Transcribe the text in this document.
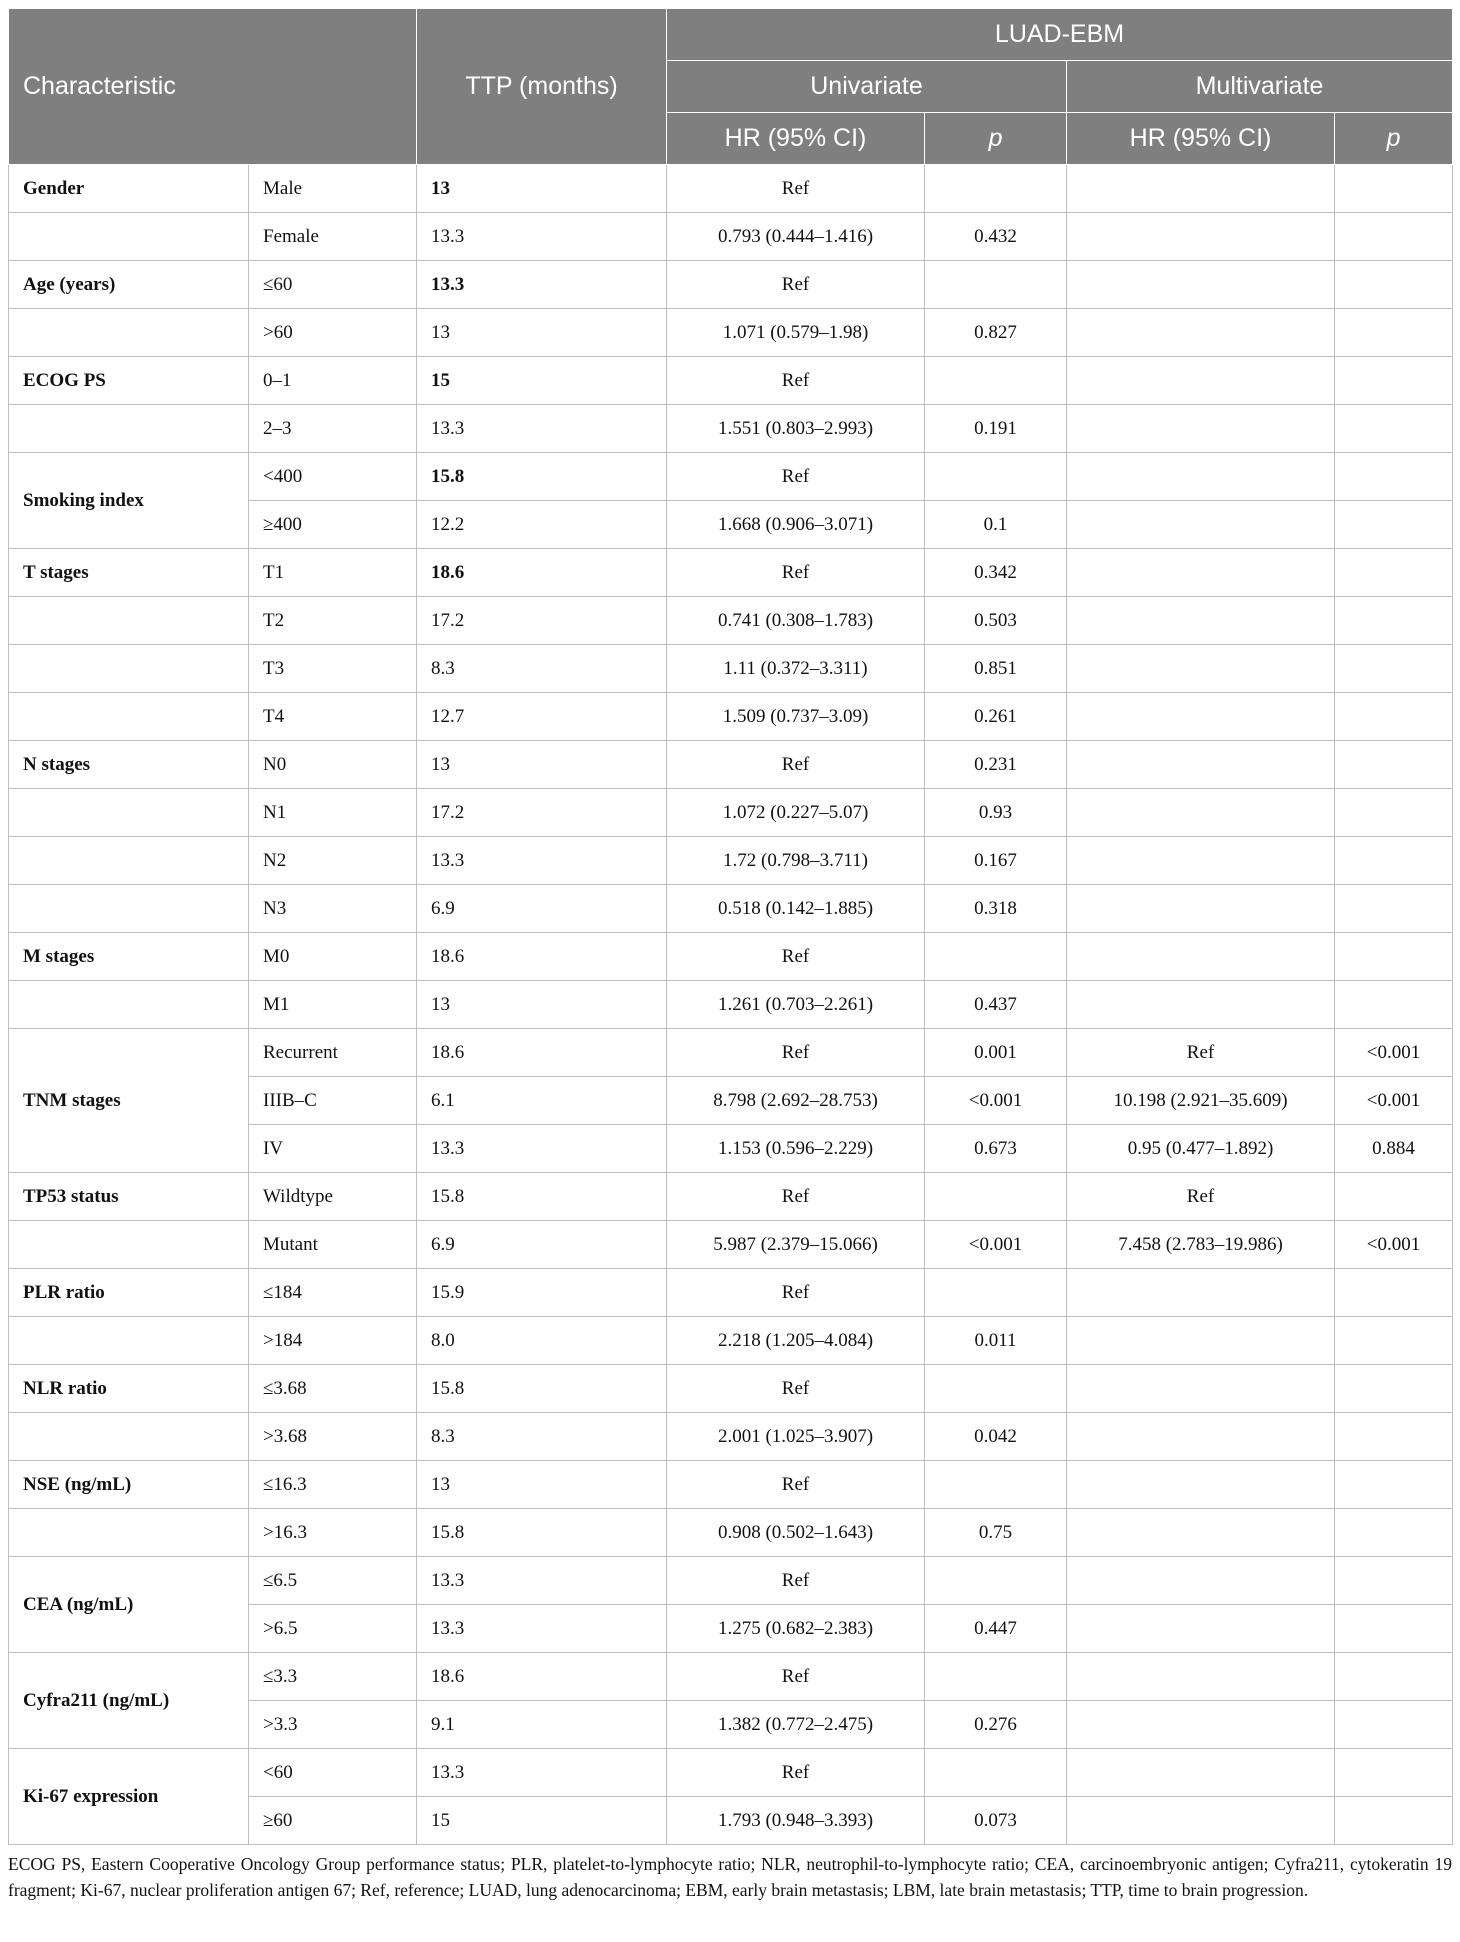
Characteristic		TTP (months)	LUAD-EBM			
			Univariate		Multivariate	
			HR (95% CI)	p	HR (95% CI)	p
Gender	Male	13	Ref			
	Female	13.3	0.793 (0.444–1.416)	0.432		
Age (years)	≤60	13.3	Ref			
	>60	13	1.071 (0.579–1.98)	0.827		
ECOG PS	0–1	15	Ref			
	2–3	13.3	1.551 (0.803–2.993)	0.191		
Smoking index	<400	15.8	Ref			
	≥400	12.2	1.668 (0.906–3.071)	0.1		
T stages	T1	18.6	Ref	0.342		
	T2	17.2	0.741 (0.308–1.783)	0.503		
	T3	8.3	1.11 (0.372–3.311)	0.851		
	T4	12.7	1.509 (0.737–3.09)	0.261		
N stages	N0	13	Ref	0.231		
	N1	17.2	1.072 (0.227–5.07)	0.93		
	N2	13.3	1.72 (0.798–3.711)	0.167		
	N3	6.9	0.518 (0.142–1.885)	0.318		
M stages	M0	18.6	Ref			
	M1	13	1.261 (0.703–2.261)	0.437		
TNM stages	Recurrent	18.6	Ref	0.001	Ref	<0.001
	IIIB–C	6.1	8.798 (2.692–28.753)	<0.001	10.198 (2.921–35.609)	<0.001
	IV	13.3	1.153 (0.596–2.229)	0.673	0.95 (0.477–1.892)	0.884
TP53 status	Wildtype	15.8	Ref		Ref	
	Mutant	6.9	5.987 (2.379–15.066)	<0.001	7.458 (2.783–19.986)	<0.001
PLR ratio	≤184	15.9	Ref			
	>184	8.0	2.218 (1.205–4.084)	0.011		
NLR ratio	≤3.68	15.8	Ref			
	>3.68	8.3	2.001 (1.025–3.907)	0.042		
NSE (ng/mL)	≤16.3	13	Ref			
	>16.3	15.8	0.908 (0.502–1.643)	0.75		
CEA (ng/mL)	≤6.5	13.3	Ref			
	>6.5	13.3	1.275 (0.682–2.383)	0.447		
Cyfra211 (ng/mL)	≤3.3	18.6	Ref			
	>3.3	9.1	1.382 (0.772–2.475)	0.276		
Ki-67 expression	<60	13.3	Ref			
	≥60	15	1.793 (0.948–3.393)	0.073		
ECOG PS, Eastern Cooperative Oncology Group performance status; PLR, platelet-to-lymphocyte ratio; NLR, neutrophil-to-lymphocyte ratio; CEA, carcinoembryonic antigen; Cyfra211, cytokeratin 19 fragment; Ki-67, nuclear proliferation antigen 67; Ref, reference; LUAD, lung adenocarcinoma; EBM, early brain metastasis; LBM, late brain metastasis; TTP, time to brain progression.
